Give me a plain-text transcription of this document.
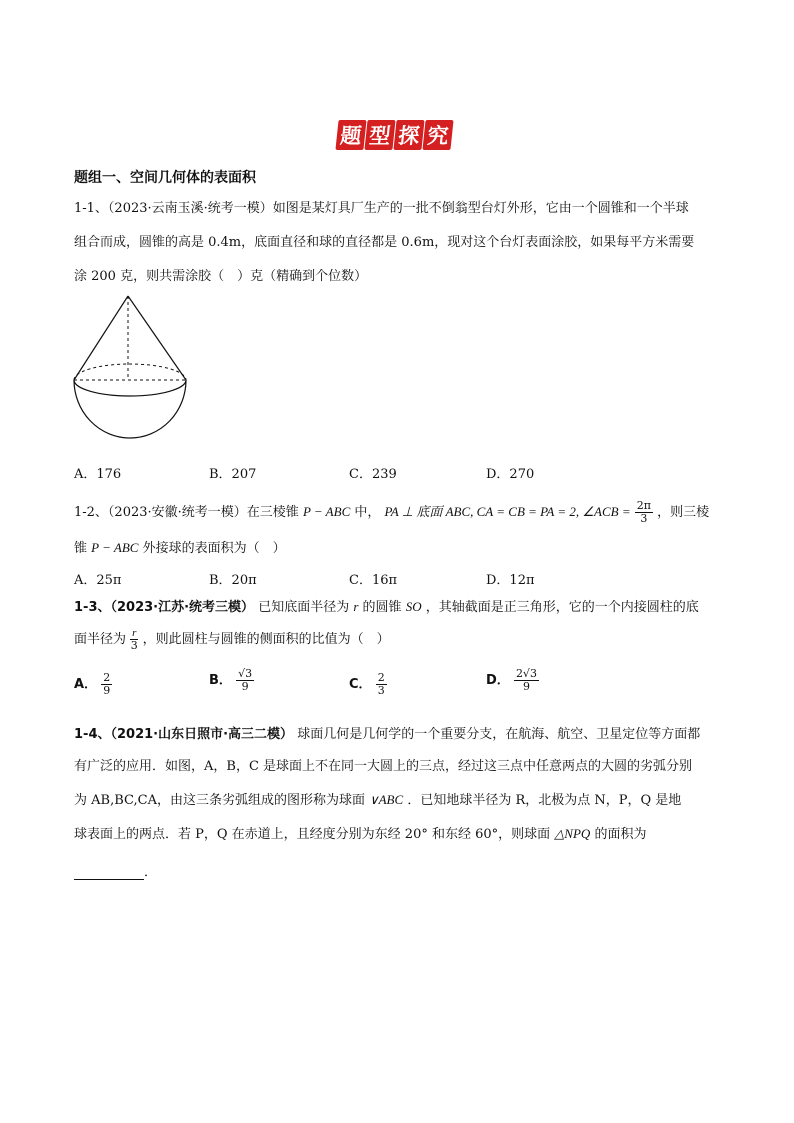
题 型 探 究
题组一、空间几何体的表面积
1-1、（2023·云南玉溪·统考一模）如图是某灯具厂生产的一批不倒翁型台灯外形，它由一个圆锥和一个半球
组合而成，圆锥的高是 0.4m，底面直径和球的直径都是 0.6m，现对这个台灯表面涂胶，如果每平方米需要
涂 200 克，则共需涂胶（　）克（精确到个位数）
A．176	B．207	C．239	D．270
1-2、（2023·安徽·统考一模）在三棱锥 P − ABC 中， PA ⊥ 底面 ABC, CA = CB = PA = 2, ∠ACB = $\frac{2\pi}{3}$ ，则三棱
锥 P − ABC 外接球的表面积为（　）
A．25π	B．20π	C．16π	D．12π
1-3、（2023·江苏·统考三模） 已知底面半径为 r 的圆锥 SO ，其轴截面是正三角形，它的一个内接圆柱的底
面半径为 $\frac{r}{3}$ ，则此圆柱与圆锥的侧面积的比值为（　）
A． $\frac{2}{9}$	B． $\frac{√3}{9}$	C． $\frac{2}{3}$	D． $\frac{2√3}{9}$
1-4、（2021·山东日照市·高三二模） 球面几何是几何学的一个重要分支，在航海、航空、卫星定位等方面都
有广泛的应用．如图，A，B，C 是球面上不在同一大圆上的三点，经过这三点中任意两点的大圆的劣弧分别
为 AB,BC,CA，由这三条劣弧组成的图形称为球面 ∨ABC ．已知地球半径为 R，北极为点 N，P，Q 是地
球表面上的两点．若 P，Q 在赤道上，且经度分别为东经 20° 和东经 60°，则球面 △NPQ 的面积为
．
